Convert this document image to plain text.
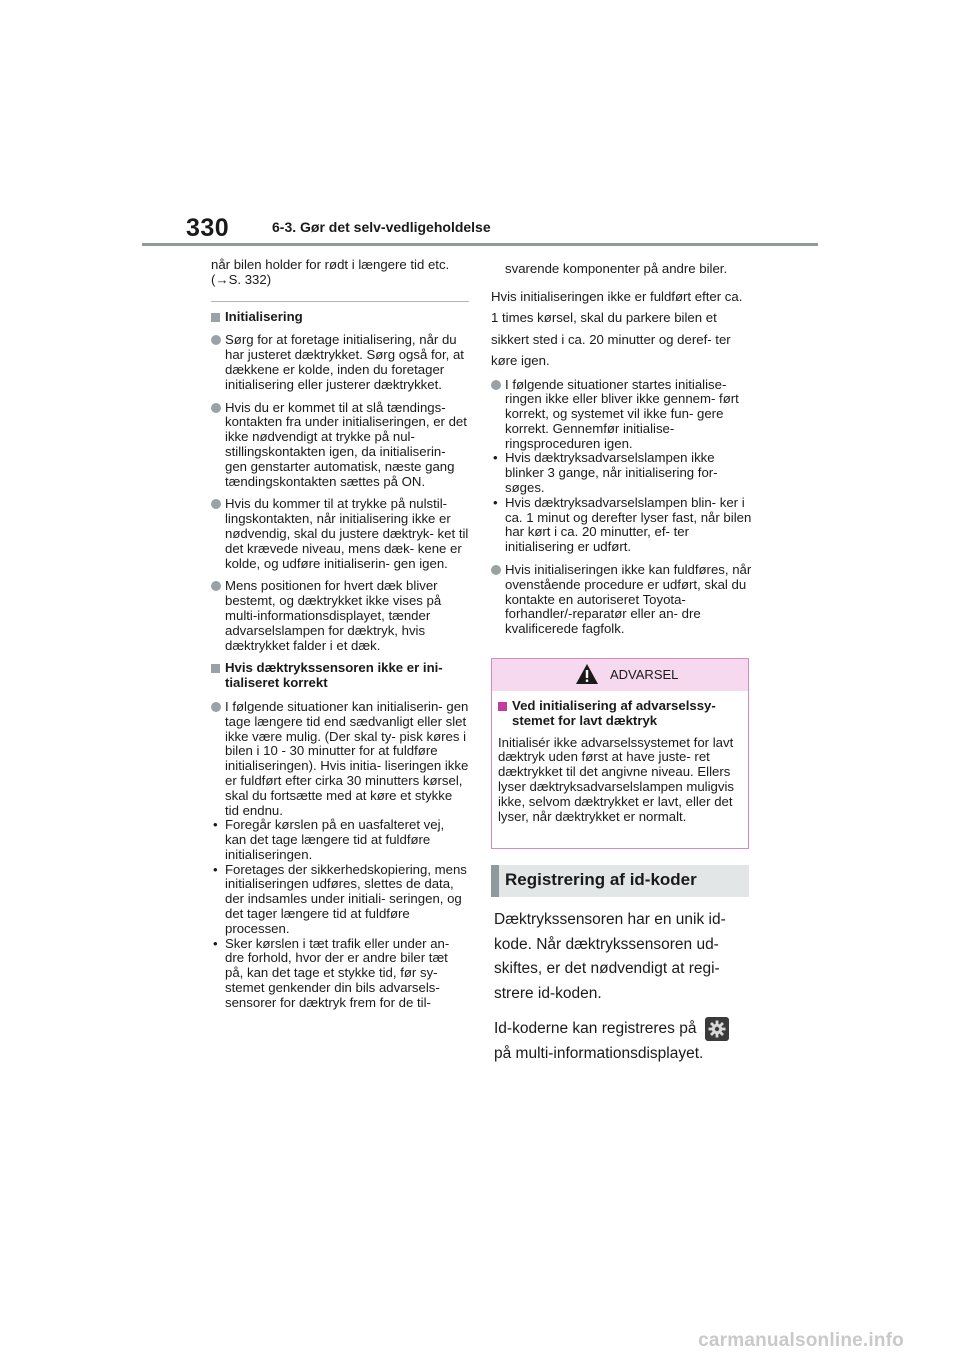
330	6-3. Gør det selv-vedligeholdelse

når bilen holder for rødt i længere tid etc. (→S. 332)

Initialisering
Sørg for at foretage initialisering, når du har justeret dæktrykket. Sørg også for, at dækkene er kolde, inden du foretager initialisering eller justerer dæktrykket.
Hvis du er kommet til at slå tændings- kontakten fra under initialiseringen, er det ikke nødvendigt at trykke på nul- stillingskontakten igen, da initialiserin- gen genstarter automatisk, næste gang tændingskontakten sættes på ON.
Hvis du kommer til at trykke på nulstil- lingskontakten, når initialisering ikke er nødvendig, skal du justere dæktryk- ket til det krævede niveau, mens dæk- kene er kolde, og udføre initialiserin- gen igen.
Mens positionen for hvert dæk bliver bestemt, og dæktrykket ikke vises på multi-informationsdisplayet, tænder advarselslampen for dæktryk, hvis dæktrykket falder i et dæk.
Hvis dæktrykssensoren ikke er ini- tialiseret korrekt
I følgende situationer kan initialiserin- gen tage længere tid end sædvanligt eller slet ikke være mulig. (Der skal ty- pisk køres i bilen i 10 - 30 minutter for at fuldføre initialiseringen). Hvis initia- liseringen ikke er fuldført efter cirka 30 minutters kørsel, skal du fortsætte med at køre et stykke tid endnu.
• Foregår kørslen på en uasfalteret vej, kan det tage længere tid at fuldføre initialiseringen.
• Foretages der sikkerhedskopiering, mens initialiseringen udføres, slettes de data, der indsamles under initiali- seringen, og det tager længere tid at fuldføre processen.
• Sker kørslen i tæt trafik eller under an- dre forhold, hvor der er andre biler tæt på, kan det tage et stykke tid, før sy- stemet genkender din bils advarsels- sensorer for dæktryk frem for de til-

svarende komponenter på andre biler.

Hvis initialiseringen ikke er fuldført efter ca. 1 times kørsel, skal du parkere bilen et sikkert sted i ca. 20 minutter og deref- ter køre igen.

I følgende situationer startes initialise- ringen ikke eller bliver ikke gennem- ført korrekt, og systemet vil ikke fun- gere korrekt. Gennemfør initialise- ringsproceduren igen.
• Hvis dæktryksadvarselslampen ikke blinker 3 gange, når initialisering for- søges.
• Hvis dæktryksadvarselslampen blin- ker i ca. 1 minut og derefter lyser fast, når bilen har kørt i ca. 20 minutter, ef- ter initialisering er udført.
Hvis initialiseringen ikke kan fuldføres, når ovenstående procedure er udført, skal du kontakte en autoriseret Toyota-forhandler/-reparatør eller an- dre kvalificerede fagfolk.
ADVARSEL
Ved initialisering af advarselssy- stemet for lavt dæktryk

Initialisér ikke advarselssystemet for lavt dæktryk uden først at have juste- ret dæktrykket til det angivne niveau. Ellers lyser dæktryksadvarselslampen muligvis ikke, selvom dæktrykket er lavt, eller det lyser, når dæktrykket er normalt.

Registrering af id-koder

Dæktrykssensoren har en unik id- kode. Når dæktrykssensoren ud- skiftes, er det nødvendigt at regi- strere id-koden.

Id-koderne kan registreres på

på multi-informationsdisplayet.

carmanualsonline.info
